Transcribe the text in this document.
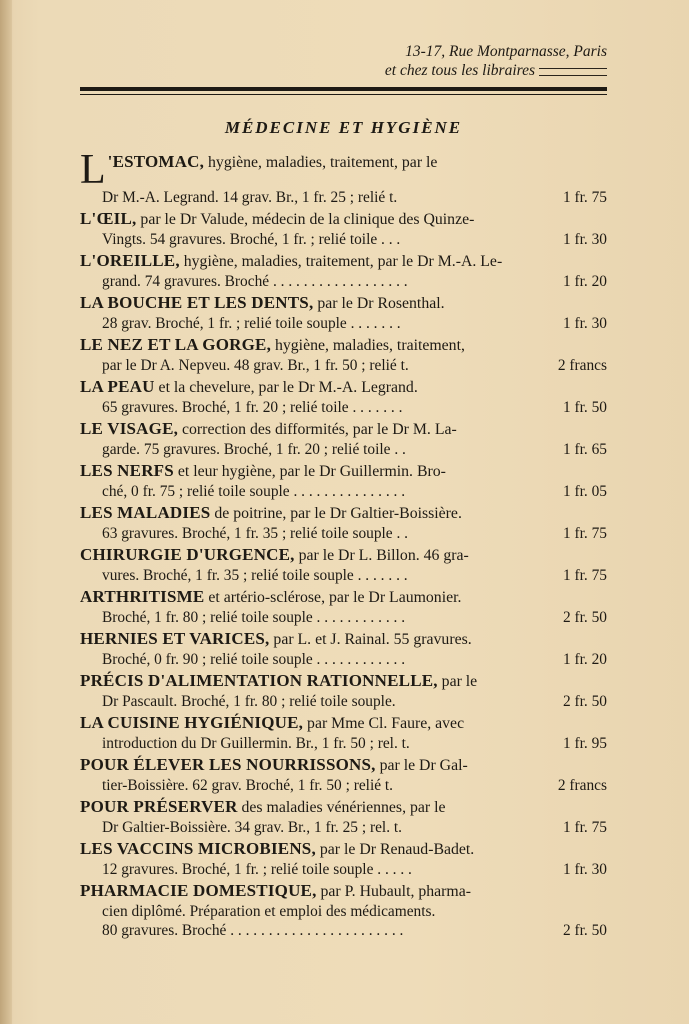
13-17, Rue Montparnasse, Paris
et chez tous les libraires
MÉDECINE ET HYGIÈNE
L 'ESTOMAC, hygiène, maladies, traitement, par le
Dr M.-A. Legrand. 14 grav. Br., 1 fr. 25 ; relié t.	1 fr. 75
L'ŒIL, par le Dr Valude, médecin de la clinique des Quinze-
Vingts. 54 gravures. Broché, 1 fr. ; relié toile . . .	1 fr. 30
L'OREILLE, hygiène, maladies, traitement, par le Dr M.-A. Le-
grand. 74 gravures. Broché . . . . . . . . . . . . . . . . . .	1 fr. 20
LA BOUCHE ET LES DENTS, par le Dr Rosenthal.
28 grav. Broché, 1 fr. ; relié toile souple . . . . . . .	1 fr. 30
LE NEZ ET LA GORGE, hygiène, maladies, traitement,
par le Dr A. Nepveu. 48 grav. Br., 1 fr. 50 ; relié t.	2 francs
LA PEAU et la chevelure, par le Dr M.-A. Legrand.
65 gravures. Broché, 1 fr. 20 ; relié toile . . . . . . .	1 fr. 50
LE VISAGE, correction des difformités, par le Dr M. La-
garde. 75 gravures. Broché, 1 fr. 20 ; relié toile . .	1 fr. 65
LES NERFS et leur hygiène, par le Dr Guillermin. Bro-
ché, 0 fr. 75 ; relié toile souple . . . . . . . . . . . . . . .	1 fr. 05
LES MALADIES de poitrine, par le Dr Galtier-Boissière.
63 gravures. Broché, 1 fr. 35 ; relié toile souple . .	1 fr. 75
CHIRURGIE D'URGENCE, par le Dr L. Billon. 46 gra-
vures. Broché, 1 fr. 35 ; relié toile souple . . . . . . .	1 fr. 75
ARTHRITISME et artério-sclérose, par le Dr Laumonier.
Broché, 1 fr. 80 ; relié toile souple . . . . . . . . . . . .	2 fr. 50
HERNIES ET VARICES, par L. et J. Rainal. 55 gravures.
Broché, 0 fr. 90 ; relié toile souple . . . . . . . . . . . .	1 fr. 20
PRÉCIS D'ALIMENTATION RATIONNELLE, par le
Dr Pascault. Broché, 1 fr. 80 ; relié toile souple.	2 fr. 50
LA CUISINE HYGIÉNIQUE, par Mme Cl. Faure, avec
introduction du Dr Guillermin. Br., 1 fr. 50 ; rel. t.	1 fr. 95
POUR ÉLEVER LES NOURRISSONS, par le Dr Gal-
tier-Boissière. 62 grav. Broché, 1 fr. 50 ; relié t.	2 francs
POUR PRÉSERVER des maladies vénériennes, par le
Dr Galtier-Boissière. 34 grav. Br., 1 fr. 25 ; rel. t.	1 fr. 75
LES VACCINS MICROBIENS, par le Dr Renaud-Badet.
12 gravures. Broché, 1 fr. ; relié toile souple . . . . .	1 fr. 30
PHARMACIE DOMESTIQUE, par P. Hubault, pharma-
cien diplômé. Préparation et emploi des médicaments.
80 gravures. Broché . . . . . . . . . . . . . . . . . . . . . . .	2 fr. 50
